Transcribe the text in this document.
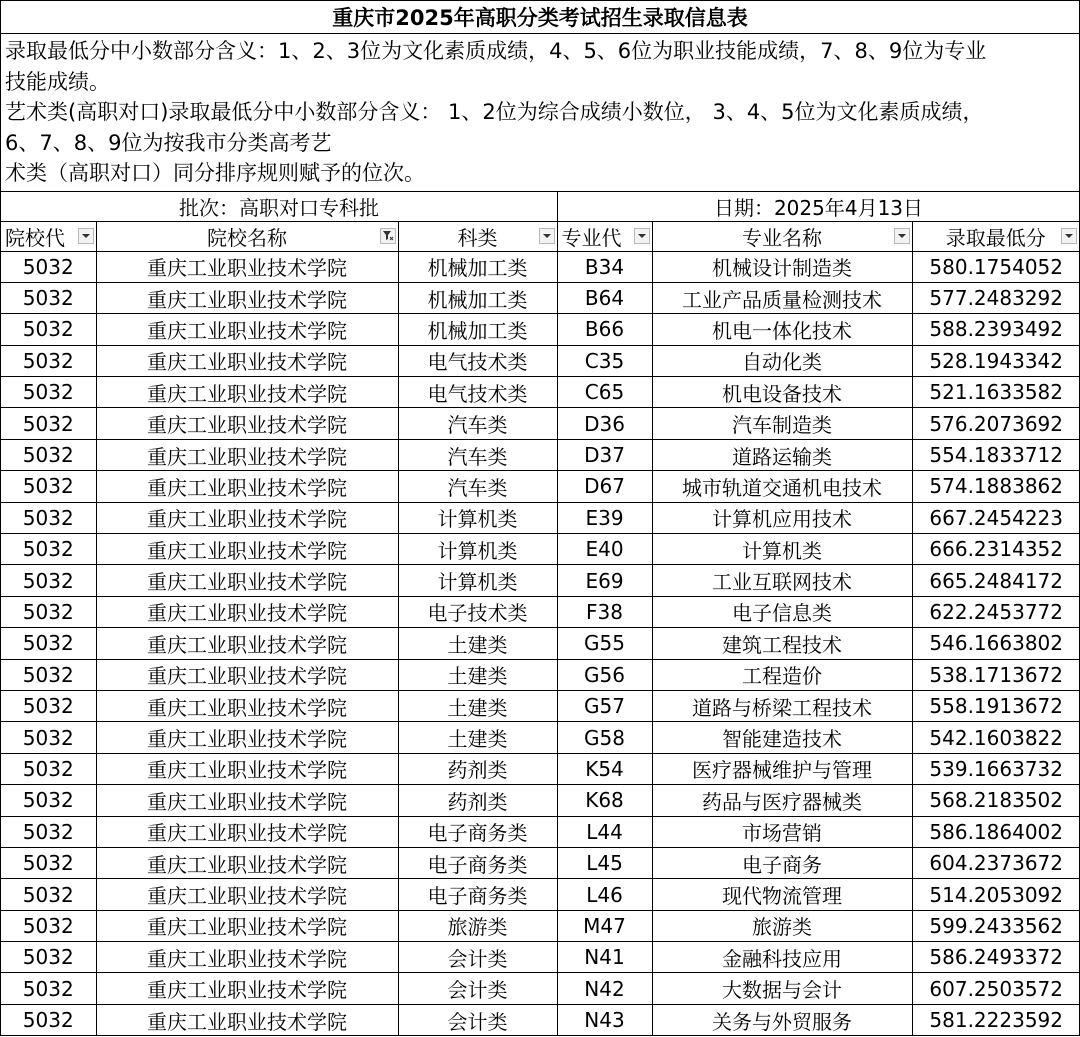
重庆市2025年高职分类考试招生录取信息表

录取最低分中小数部分含义：1、2、3位为文化素质成绩，4、5、6位为职业技能成绩，7、8、9位为专业

技能成绩。

艺术类(高职对口)录取最低分中小数部分含义： 1、2位为综合成绩小数位， 3、4、5位为文化素质成绩，

6、7、8、9位为按我市分类高考艺

术类（高职对口）同分排序规则赋予的位次。

批次：高职对口专科批	日期：2025年4月13日
院校代	院校名称	科类	专业代	专业名称	录取最低分

5032	重庆工业职业技术学院	机械加工类	B34	机械设计制造类	580.1754052
5032	重庆工业职业技术学院	机械加工类	B64	工业产品质量检测技术	577.2483292
5032	重庆工业职业技术学院	机械加工类	B66	机电一体化技术	588.2393492
5032	重庆工业职业技术学院	电气技术类	C35	自动化类	528.1943342
5032	重庆工业职业技术学院	电气技术类	C65	机电设备技术	521.1633582
5032	重庆工业职业技术学院	汽车类	D36	汽车制造类	576.2073692
5032	重庆工业职业技术学院	汽车类	D37	道路运输类	554.1833712
5032	重庆工业职业技术学院	汽车类	D67	城市轨道交通机电技术	574.1883862
5032	重庆工业职业技术学院	计算机类	E39	计算机应用技术	667.2454223
5032	重庆工业职业技术学院	计算机类	E40	计算机类	666.2314352
5032	重庆工业职业技术学院	计算机类	E69	工业互联网技术	665.2484172
5032	重庆工业职业技术学院	电子技术类	F38	电子信息类	622.2453772
5032	重庆工业职业技术学院	土建类	G55	建筑工程技术	546.1663802
5032	重庆工业职业技术学院	土建类	G56	工程造价	538.1713672
5032	重庆工业职业技术学院	土建类	G57	道路与桥梁工程技术	558.1913672
5032	重庆工业职业技术学院	土建类	G58	智能建造技术	542.1603822
5032	重庆工业职业技术学院	药剂类	K54	医疗器械维护与管理	539.1663732
5032	重庆工业职业技术学院	药剂类	K68	药品与医疗器械类	568.2183502
5032	重庆工业职业技术学院	电子商务类	L44	市场营销	586.1864002
5032	重庆工业职业技术学院	电子商务类	L45	电子商务	604.2373672
5032	重庆工业职业技术学院	电子商务类	L46	现代物流管理	514.2053092
5032	重庆工业职业技术学院	旅游类	M47	旅游类	599.2433562
5032	重庆工业职业技术学院	会计类	N41	金融科技应用	586.2493372
5032	重庆工业职业技术学院	会计类	N42	大数据与会计	607.2503572
5032	重庆工业职业技术学院	会计类	N43	关务与外贸服务	581.2223592
